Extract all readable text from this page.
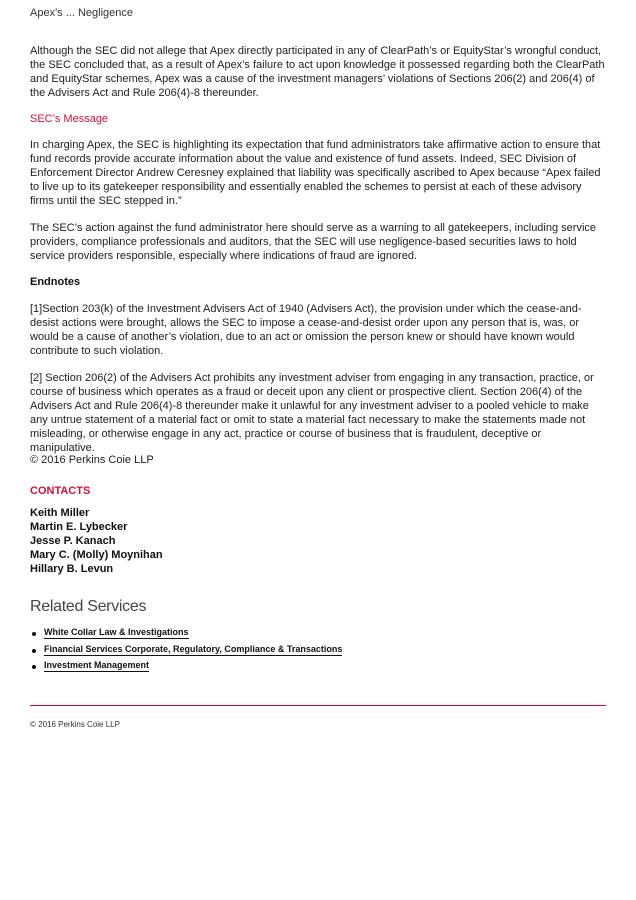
Apex's ... Negligence

Although the SEC did not allege that Apex directly participated in any of ClearPath’s or EquityStar’s wrongful conduct, the SEC concluded that, as a result of Apex’s failure to act upon knowledge it possessed regarding both the ClearPath and EquityStar schemes, Apex was a cause of the investment managers’ violations of Sections 206(2) and 206(4) of the Advisers Act and Rule 206(4)-8 thereunder.

SEC’s Message

In charging Apex, the SEC is highlighting its expectation that fund administrators take affirmative action to ensure that fund records provide accurate information about the value and existence of fund assets. Indeed, SEC Division of Enforcement Director Andrew Ceresney explained that liability was specifically ascribed to Apex because “Apex failed to live up to its gatekeeper responsibility and essentially enabled the schemes to persist at each of these advisory firms until the SEC stepped in.”

The SEC’s action against the fund administrator here should serve as a warning to all gatekeepers, including service providers, compliance professionals and auditors, that the SEC will use negligence-based securities laws to hold service providers responsible, especially where indications of fraud are ignored.

Endnotes

[1]Section 203(k) of the Investment Advisers Act of 1940 (Advisers Act), the provision under which the cease-and-desist actions were brought, allows the SEC to impose a cease-and-desist order upon any person that is, was, or would be a cause of another’s violation, due to an act or omission the person knew or should have known would contribute to such violation.

[2] Section 206(2) of the Advisers Act prohibits any investment adviser from engaging in any transaction, practice, or course of business which operates as a fraud or deceit upon any client or prospective client. Section 206(4) of the Advisers Act and Rule 206(4)-8 thereunder make it unlawful for any investment adviser to a pooled vehicle to make any untrue statement of a material fact or omit to state a material fact necessary to make the statements made not misleading, or otherwise engage in any act, practice or course of business that is fraudulent, deceptive or manipulative.

© 2016 Perkins Coie LLP

CONTACTS
Keith Miller
Martin E. Lybecker
Jesse P. Kanach
Mary C. (Molly) Moynihan
Hillary B. Levun
Related Services
White Collar Law & Investigations
Financial Services Corporate, Regulatory, Compliance & Transactions
Investment Management

© 2016 Perkins Coie LLP
